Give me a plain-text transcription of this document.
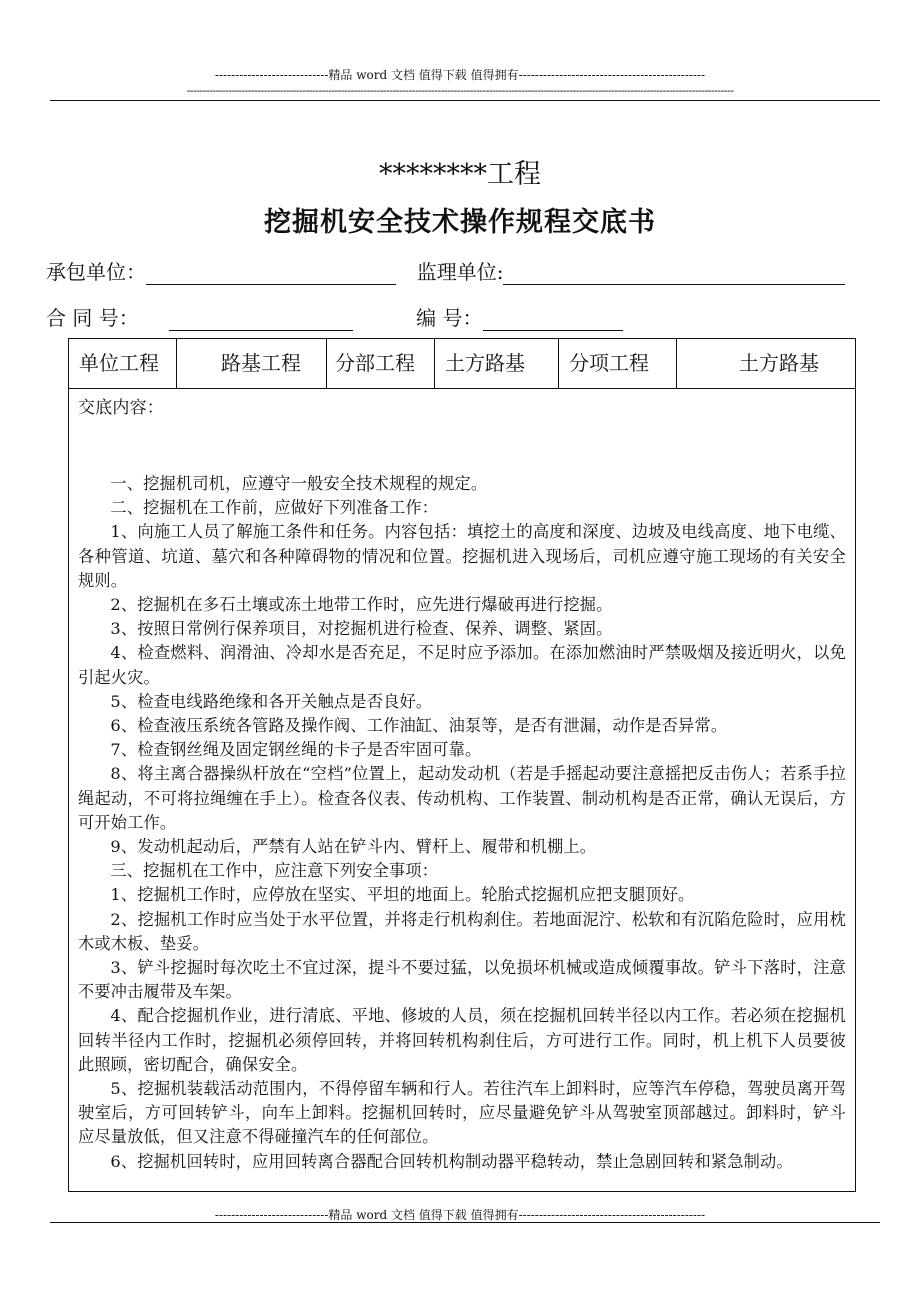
----------------------------精品 word 文档 值得下载 值得拥有----------------------------------------------
--------------------------------------------------------------------------------------------------------------------------------------------------------------------------
********工程
挖掘机安全技术操作规程交底书
承包单位：	监理单位:
合 同 号：	编 号：
单位工程	路基工程	分部工程	土方路基	分项工程	土方路基
交底内容：

一、挖掘机司机，应遵守一般安全技术规程的规定。

二、挖掘机在工作前，应做好下列准备工作：

1、向施工人员了解施工条件和任务。内容包括：填挖土的高度和深度、边坡及电线高度、地下电缆、各种管道、坑道、墓穴和各种障碍物的情况和位置。挖掘机进入现场后，司机应遵守施工现场的有关安全规则。

2、挖掘机在多石土壤或冻土地带工作时，应先进行爆破再进行挖掘。

3、按照日常例行保养项目，对挖掘机进行检查、保养、调整、紧固。

4、检查燃料、润滑油、冷却水是否充足，不足时应予添加。在添加燃油时严禁吸烟及接近明火，以免引起火灾。

5、检查电线路绝缘和各开关触点是否良好。

6、检查液压系统各管路及操作阀、工作油缸、油泵等，是否有泄漏，动作是否异常。

7、检查钢丝绳及固定钢丝绳的卡子是否牢固可靠。

8、将主离合器操纵杆放在“空档”位置上，起动发动机（若是手摇起动要注意摇把反击伤人；若系手拉绳起动，不可将拉绳缠在手上）。检查各仪表、传动机构、工作装置、制动机构是否正常，确认无误后，方可开始工作。

9、发动机起动后，严禁有人站在铲斗内、臂杆上、履带和机棚上。

三、挖掘机在工作中，应注意下列安全事项：

1、挖掘机工作时，应停放在坚实、平坦的地面上。轮胎式挖掘机应把支腿顶好。

2、挖掘机工作时应当处于水平位置，并将走行机构刹住。若地面泥泞、松软和有沉陷危险时，应用枕木或木板、垫妥。

3、铲斗挖掘时每次吃土不宜过深，提斗不要过猛，以免损坏机械或造成倾覆事故。铲斗下落时，注意不要冲击履带及车架。

4、配合挖掘机作业，进行清底、平地、修坡的人员，须在挖掘机回转半径以内工作。若必须在挖掘机回转半径内工作时，挖掘机必须停回转，并将回转机构刹住后，方可进行工作。同时，机上机下人员要彼此照顾，密切配合，确保安全。

5、挖掘机装载活动范围内，不得停留车辆和行人。若往汽车上卸料时，应等汽车停稳，驾驶员离开驾驶室后，方可回转铲斗，向车上卸料。挖掘机回转时，应尽量避免铲斗从驾驶室顶部越过。卸料时，铲斗应尽量放低，但又注意不得碰撞汽车的任何部位。

6、挖掘机回转时，应用回转离合器配合回转机构制动器平稳转动，禁止急剧回转和紧急制动。

----------------------------精品 word 文档 值得下载 值得拥有----------------------------------------------
